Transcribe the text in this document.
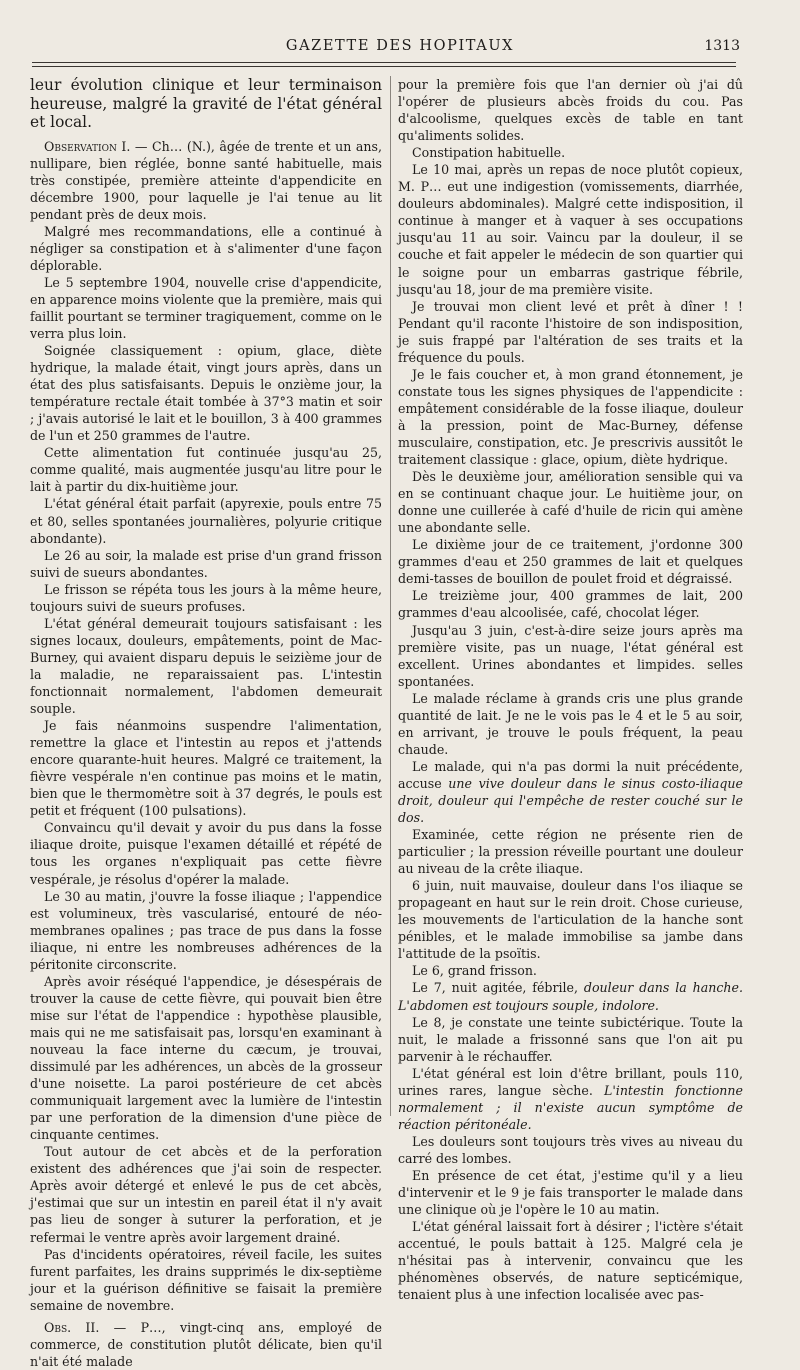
GAZETTE DES HOPITAUX	1313

leur évolution clinique et leur terminaison heureuse, malgré la gravité de l'état général et local.

Observation I. — Ch… (N.), âgée de trente et un ans, nullipare, bien réglée, bonne santé habituelle, mais très constipée, première atteinte d'appendicite en décembre 1900, pour laquelle je l'ai tenue au lit pendant près de deux mois.

Malgré mes recommandations, elle a continué à négliger sa constipation et à s'alimenter d'une façon déplorable.

Le 5 septembre 1904, nouvelle crise d'appendicite, en apparence moins violente que la première, mais qui faillit pourtant se terminer tragiquement, comme on le verra plus loin.

Soignée classiquement : opium, glace, diète hydrique, la malade était, vingt jours après, dans un état des plus satisfaisants. Depuis le onzième jour, la température rectale était tombée à 37°3 matin et soir ; j'avais autorisé le lait et le bouillon, 3 à 400 grammes de l'un et 250 grammes de l'autre.

Cette alimentation fut continuée jusqu'au 25, comme qualité, mais augmentée jusqu'au litre pour le lait à partir du dix-huitième jour.

L'état général était parfait (apyrexie, pouls entre 75 et 80, selles spontanées journalières, polyurie critique abondante).

Le 26 au soir, la malade est prise d'un grand frisson suivi de sueurs abondantes.

Le frisson se répéta tous les jours à la même heure, toujours suivi de sueurs profuses.

L'état général demeurait toujours satisfaisant : les signes locaux, douleurs, empâtements, point de Mac-Burney, qui avaient disparu depuis le seizième jour de la maladie, ne reparaissaient pas. L'intestin fonctionnait normalement, l'abdomen demeurait souple.

Je fais néanmoins suspendre l'alimentation, remettre la glace et l'intestin au repos et j'attends encore quarante-huit heures. Malgré ce traitement, la fièvre vespérale n'en continue pas moins et le matin, bien que le thermomètre soit à 37 degrés, le pouls est petit et fréquent (100 pulsations).

Convaincu qu'il devait y avoir du pus dans la fosse iliaque droite, puisque l'examen détaillé et répété de tous les organes n'expliquait pas cette fièvre vespérale, je résolus d'opérer la malade.

Le 30 au matin, j'ouvre la fosse iliaque ; l'appendice est volumineux, très vascularisé, entouré de néo-membranes opalines ; pas trace de pus dans la fosse iliaque, ni entre les nombreuses adhérences de la péritonite circonscrite.

Après avoir réséqué l'appendice, je désespérais de trouver la cause de cette fièvre, qui pouvait bien être mise sur l'état de l'appendice : hypothèse plausible, mais qui ne me satisfaisait pas, lorsqu'en examinant à nouveau la face interne du cæcum, je trouvai, dissimulé par les adhérences, un abcès de la grosseur d'une noisette. La paroi postérieure de cet abcès communiquait largement avec la lumière de l'intestin par une perforation de la dimension d'une pièce de cinquante centimes.

Tout autour de cet abcès et de la perforation existent des adhérences que j'ai soin de respecter. Après avoir détergé et enlevé le pus de cet abcès, j'estimai que sur un intestin en pareil état il n'y avait pas lieu de songer à suturer la perforation, et je refermai le ventre après avoir largement drainé.

Pas d'incidents opératoires, réveil facile, les suites furent parfaites, les drains supprimés le dix-septième jour et la guérison définitive se faisait la première semaine de novembre.

Obs. II. — P…, vingt-cinq ans, employé de commerce, de constitution plutôt délicate, bien qu'il n'ait été malade

pour la première fois que l'an dernier où j'ai dû l'opérer de plusieurs abcès froids du cou. Pas d'alcoolisme, quelques excès de table en tant qu'aliments solides.

Constipation habituelle.

Le 10 mai, après un repas de noce plutôt copieux, M. P… eut une indigestion (vomissements, diarrhée, douleurs abdominales). Malgré cette indisposition, il continue à manger et à vaquer à ses occupations jusqu'au 11 au soir. Vaincu par la douleur, il se couche et fait appeler le médecin de son quartier qui le soigne pour un embarras gastrique fébrile, jusqu'au 18, jour de ma première visite.

Je trouvai mon client levé et prêt à dîner ! ! Pendant qu'il raconte l'histoire de son indisposition, je suis frappé par l'altération de ses traits et la fréquence du pouls.

Je le fais coucher et, à mon grand étonnement, je constate tous les signes physiques de l'appendicite : empâtement considérable de la fosse iliaque, douleur à la pression, point de Mac-Burney, défense musculaire, constipation, etc. Je prescrivis aussitôt le traitement classique : glace, opium, diète hydrique.

Dès le deuxième jour, amélioration sensible qui va en se continuant chaque jour. Le huitième jour, on donne une cuillerée à café d'huile de ricin qui amène une abondante selle.

Le dixième jour de ce traitement, j'ordonne 300 grammes d'eau et 250 grammes de lait et quelques demi-tasses de bouillon de poulet froid et dégraissé.

Le treizième jour, 400 grammes de lait, 200 grammes d'eau alcoolisée, café, chocolat léger.

Jusqu'au 3 juin, c'est-à-dire seize jours après ma première visite, pas un nuage, l'état général est excellent. Urines abondantes et limpides. selles spontanées.

Le malade réclame à grands cris une plus grande quantité de lait. Je ne le vois pas le 4 et le 5 au soir, en arrivant, je trouve le pouls fréquent, la peau chaude.

Le malade, qui n'a pas dormi la nuit précédente, accuse une vive douleur dans le sinus costo-iliaque droit, douleur qui l'empêche de rester couché sur le dos.

Examinée, cette région ne présente rien de particulier ; la pression réveille pourtant une douleur au niveau de la crête iliaque.

6 juin, nuit mauvaise, douleur dans l'os iliaque se propageant en haut sur le rein droit. Chose curieuse, les mouvements de l'articulation de la hanche sont pénibles, et le malade immobilise sa jambe dans l'attitude de la psoïtis.

Le 6, grand frisson.

Le 7, nuit agitée, fébrile, douleur dans la hanche. L'abdomen est toujours souple, indolore.

Le 8, je constate une teinte subictérique. Toute la nuit, le malade a frissonné sans que l'on ait pu parvenir à le réchauffer.

L'état général est loin d'être brillant, pouls 110, urines rares, langue sèche. L'intestin fonctionne normalement ; il n'existe aucun symptôme de réaction péritonéale.

Les douleurs sont toujours très vives au niveau du carré des lombes.

En présence de cet état, j'estime qu'il y a lieu d'intervenir et le 9 je fais transporter le malade dans une clinique où je l'opère le 10 au matin.

L'état général laissait fort à désirer ; l'ictère s'était accentué, le pouls battait à 125. Malgré cela je n'hésitai pas à intervenir, convaincu que les phénomènes observés, de nature septicémique, tenaient plus à une infection localisée avec pas-
